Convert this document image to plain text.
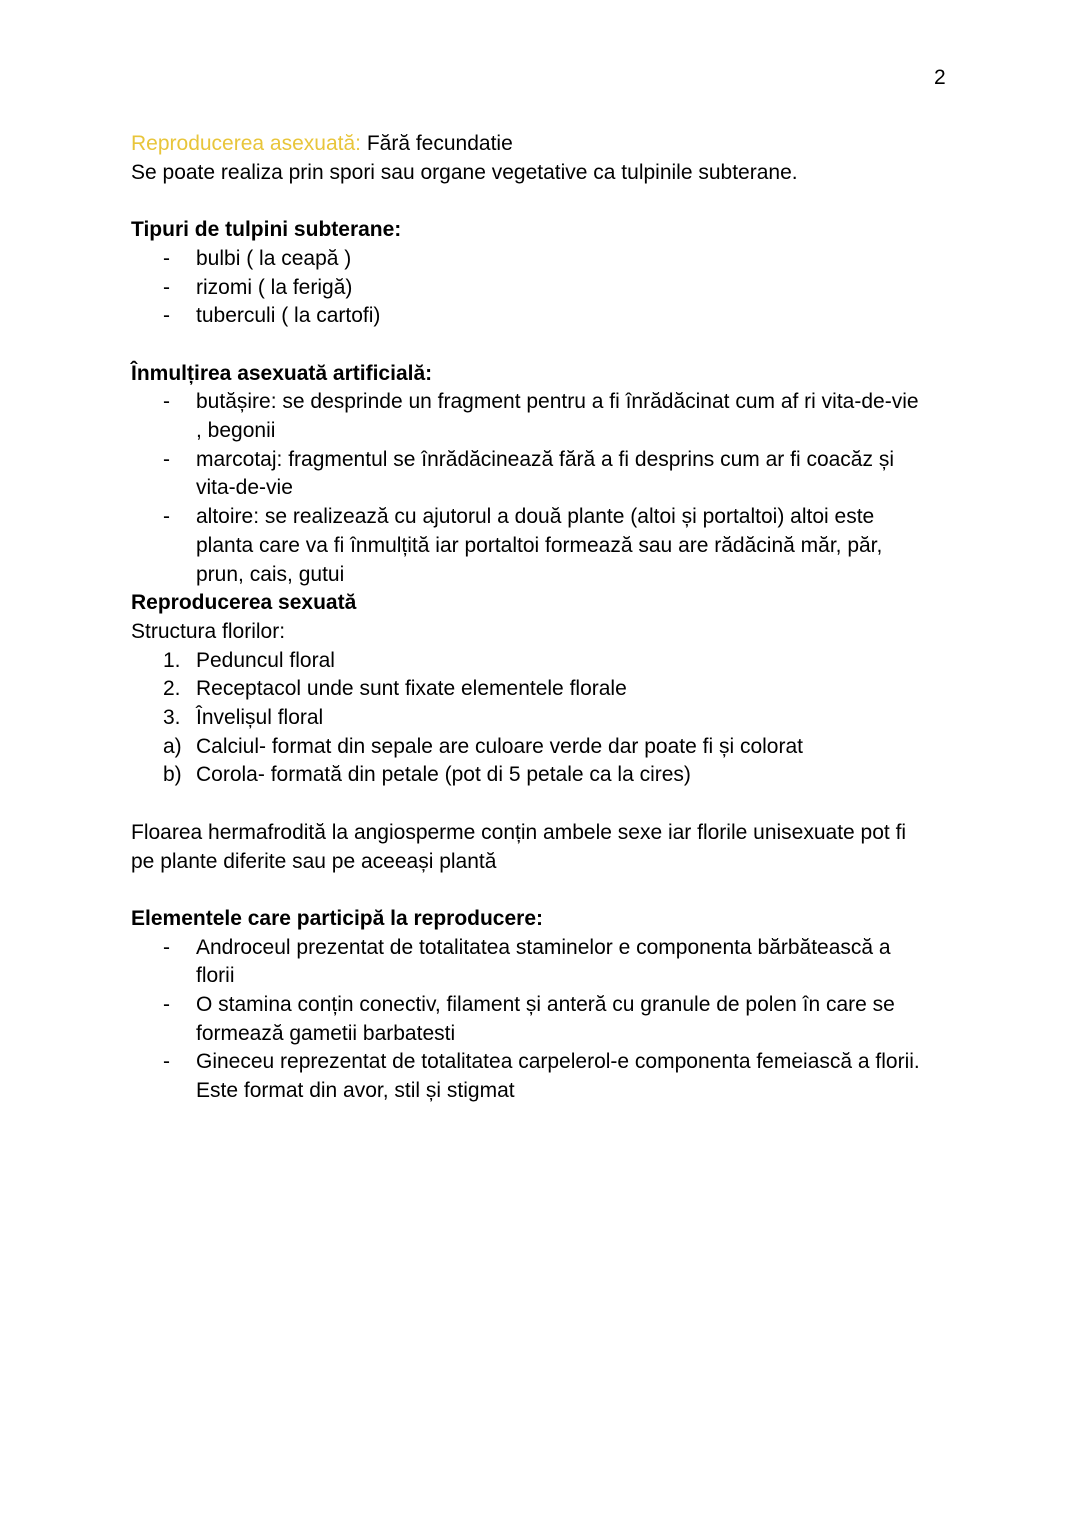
2

Reproducerea asexuată: Fără fecundatie

Se poate realiza prin spori sau organe vegetative ca tulpinile subterane.

Tipuri de tulpini subterane:

- bulbi ( la ceapă )
- rizomi ( la ferigă)
- tuberculi ( la cartofi)

Înmulțirea asexuată artificială:

- butășire: se desprinde un fragment pentru a fi înrădăcinat cum af ri vita-de-vie
, begonii
- marcotaj: fragmentul se înrădăcinează fără a fi desprins cum ar fi coacăz și
vita-de-vie
- altoire: se realizează cu ajutorul a două plante (altoi și portaltoi) altoi este
planta care va fi înmulțită iar portaltoi formează sau are rădăcină măr, păr,
prun, cais, gutui

Reproducerea sexuată

Structura florilor:

1. Peduncul floral
2. Receptacol unde sunt fixate elementele florale
3. Învelișul floral
a) Calciul- format din sepale are culoare verde dar poate fi și colorat
b) Corola- formată din petale (pot di 5 petale ca la cires)

Floarea hermafrodită la angiosperme conțin ambele sexe iar florile unisexuate pot fi

pe plante diferite sau pe aceeași plantă

Elementele care participă la reproducere:

- Androceul prezentat de totalitatea staminelor e componenta bărbătească a
florii
- O stamina conțin conectiv, filament și anteră cu granule de polen în care se
formează gametii barbatesti
- Gineceu reprezentat de totalitatea carpelerol-e componenta femeiască a florii.
Este format din avor, stil și stigmat
